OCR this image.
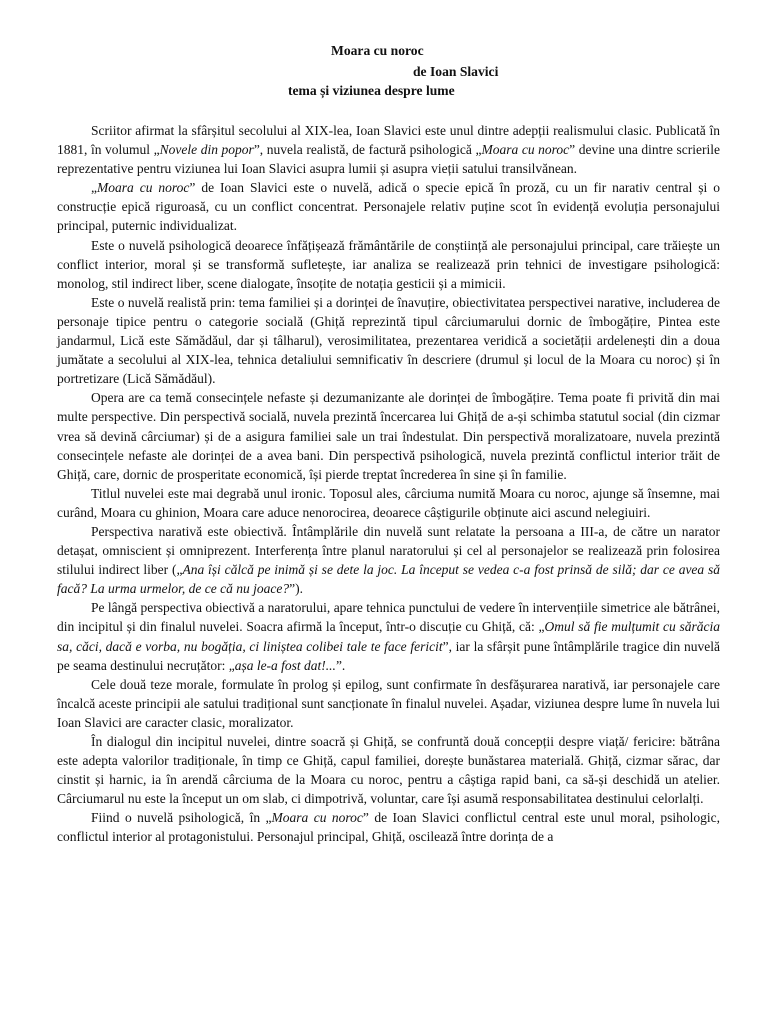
Moara cu noroc
de Ioan Slavici
tema și viziunea despre lume

Scriitor afirmat la sfârșitul secolului al XIX-lea, Ioan Slavici este unul dintre adepții realismului clasic. Publicată în 1881, în volumul „Novele din popor”, nuvela realistă, de factură psihologică „Moara cu noroc” devine una dintre scrierile reprezentative pentru viziunea lui Ioan Slavici asupra lumii și asupra vieții satului transilvănean.

„Moara cu noroc” de Ioan Slavici este o nuvelă, adică o specie epică în proză, cu un fir narativ central și o construcție epică riguroasă, cu un conflict concentrat. Personajele relativ puține scot în evidență evoluția personajului principal, puternic individualizat.

Este o nuvelă psihologică deoarece înfățișează frământările de conștiință ale personajului principal, care trăiește un conflict interior, moral și se transformă sufletește, iar analiza se realizează prin tehnici de investigare psihologică: monolog, stil indirect liber, scene dialogate, însoțite de notația gesticii și a mimicii.

Este o nuvelă realistă prin: tema familiei și a dorinței de înavuțire, obiectivitatea perspectivei narative, includerea de personaje tipice pentru o categorie socială (Ghiță reprezintă tipul cârciumarului dornic de îmbogățire, Pintea este jandarmul, Lică este Sămădăul, dar și tâlharul), verosimilitatea, prezentarea veridică a societății ardelenești din a doua jumătate a secolului al XIX-lea, tehnica detaliului semnificativ în descriere (drumul și locul de la Moara cu noroc) și în portretizare (Lică Sămădăul).

Opera are ca temă consecințele nefaste și dezumanizante ale dorinței de îmbogățire. Tema poate fi privită din mai multe perspective. Din perspectivă socială, nuvela prezintă încercarea lui Ghiță de a-și schimba statutul social (din cizmar vrea să devină cârciumar) și de a asigura familiei sale un trai îndestulat. Din perspectivă moralizatoare, nuvela prezintă consecințele nefaste ale dorinței de a avea bani. Din perspectivă psihologică, nuvela prezintă conflictul interior trăit de Ghiță, care, dornic de prosperitate economică, își pierde treptat încrederea în sine și în familie.

Titlul nuvelei este mai degrabă unul ironic. Toposul ales, cârciuma numită Moara cu noroc, ajunge să însemne, mai curând, Moara cu ghinion, Moara care aduce nenorocirea, deoarece câștigurile obținute aici ascund nelegiuiri.

Perspectiva narativă este obiectivă. Întâmplările din nuvelă sunt relatate la persoana a III-a, de către un narator detașat, omniscient și omniprezent. Interferența între planul naratorului și cel al personajelor se realizează prin folosirea stilului indirect liber („Ana își călcă pe inimă și se dete la joc. La început se vedea c-a fost prinsă de silă; dar ce avea să facă? La urma urmelor, de ce că nu joace?”).

Pe lângă perspectiva obiectivă a naratorului, apare tehnica punctului de vedere în intervențiile simetrice ale bătrânei, din incipitul și din finalul nuvelei. Soacra afirmă la început, într-o discuție cu Ghiță, că: „Omul să fie mulțumit cu sărăcia sa, căci, dacă e vorba, nu bogăția, ci liniștea colibei tale te face fericit”, iar la sfârșit pune întâmplările tragice din nuvelă pe seama destinului necruțător: „așa le-a fost dat!...”.

Cele două teze morale, formulate în prolog și epilog, sunt confirmate în desfășurarea narativă, iar personajele care încalcă aceste principii ale satului tradițional sunt sancționate în finalul nuvelei. Așadar, viziunea despre lume în nuvela lui Ioan Slavici are caracter clasic, moralizator.

În dialogul din incipitul nuvelei, dintre soacră și Ghiță, se confruntă două concepții despre viață/ fericire: bătrâna este adepta valorilor tradiționale, în timp ce Ghiță, capul familiei, dorește bunăstarea materială. Ghiță, cizmar sărac, dar cinstit și harnic, ia în arendă cârciuma de la Moara cu noroc, pentru a câștiga rapid bani, ca să-și deschidă un atelier. Cârciumarul nu este la început un om slab, ci dimpotrivă, voluntar, care își asumă responsabilitatea destinului celorlalți.

Fiind o nuvelă psihologică, în „Moara cu noroc” de Ioan Slavici conflictul central este unul moral, psihologic, conflictul interior al protagonistului. Personajul principal, Ghiță, oscilează între dorința de a
